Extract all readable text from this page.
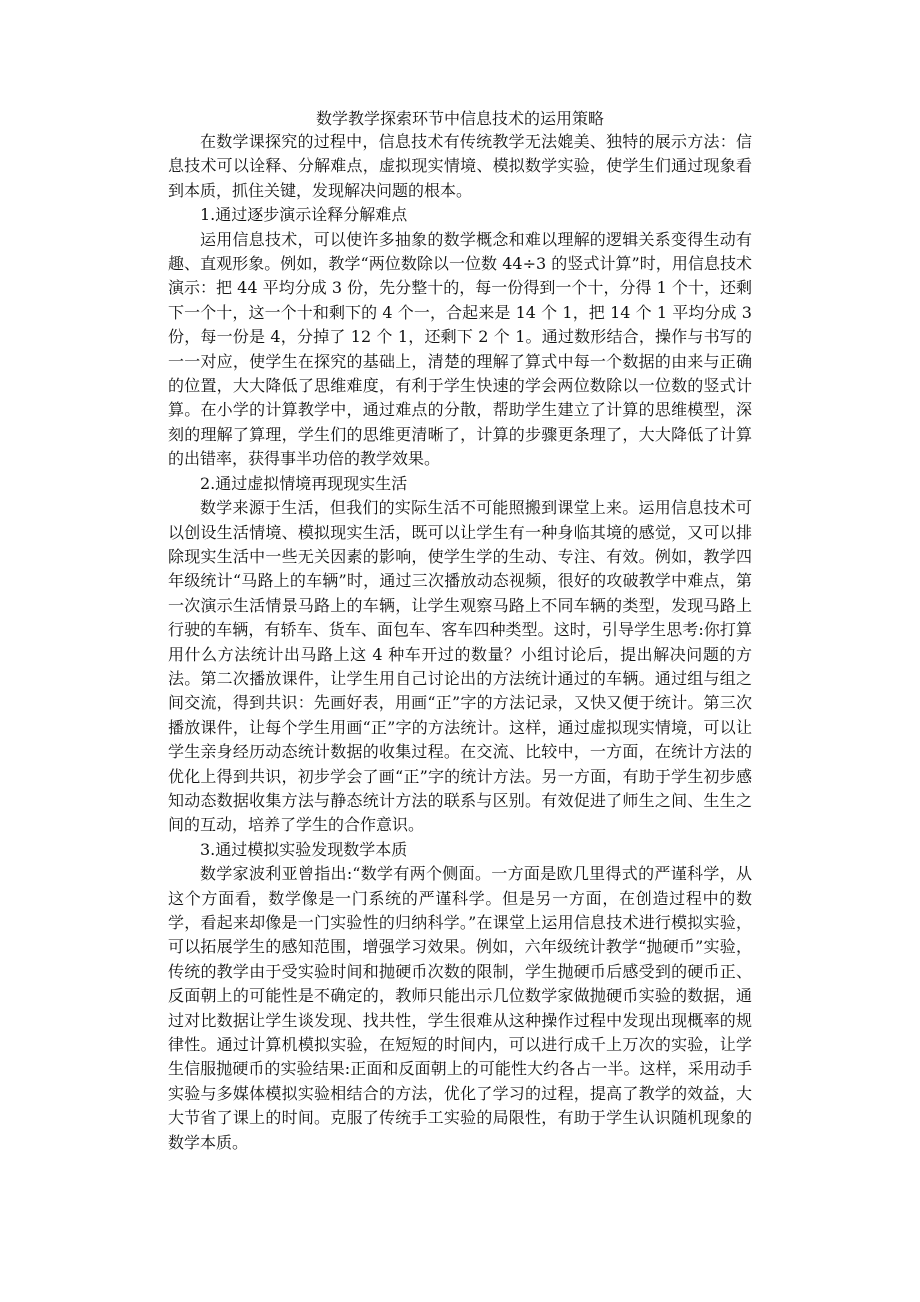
数学教学探索环节中信息技术的运用策略

在数学课探究的过程中，信息技术有传统教学无法媲美、独特的展示方法：信息技术可以诠释、分解难点，虚拟现实情境、模拟数学实验，使学生们通过现象看到本质，抓住关键，发现解决问题的根本。

1.通过逐步演示诠释分解难点

运用信息技术，可以使许多抽象的数学概念和难以理解的逻辑关系变得生动有趣、直观形象。例如，教学“两位数除以一位数 44÷3 的竖式计算”时，用信息技术演示：把 44 平均分成 3 份，先分整十的，每一份得到一个十，分得 1 个十，还剩下一个十，这一个十和剩下的 4 个一，合起来是 14 个 1，把 14 个 1 平均分成 3 份，每一份是 4，分掉了 12 个 1，还剩下 2 个 1。通过数形结合，操作与书写的一一对应，使学生在探究的基础上，清楚的理解了算式中每一个数据的由来与正确的位置，大大降低了思维难度，有利于学生快速的学会两位数除以一位数的竖式计算。在小学的计算教学中，通过难点的分散，帮助学生建立了计算的思维模型，深刻的理解了算理，学生们的思维更清晰了，计算的步骤更条理了，大大降低了计算的出错率，获得事半功倍的教学效果。

2.通过虚拟情境再现现实生活

数学来源于生活，但我们的实际生活不可能照搬到课堂上来。运用信息技术可以创设生活情境、模拟现实生活，既可以让学生有一种身临其境的感觉，又可以排除现实生活中一些无关因素的影响，使学生学的生动、专注、有效。例如，教学四年级统计“马路上的车辆”时，通过三次播放动态视频，很好的攻破教学中难点，第一次演示生活情景马路上的车辆，让学生观察马路上不同车辆的类型，发现马路上行驶的车辆，有轿车、货车、面包车、客车四种类型。这时，引导学生思考:你打算用什么方法统计出马路上这 4 种车开过的数量？小组讨论后，提出解决问题的方法。第二次播放课件，让学生用自己讨论出的方法统计通过的车辆。通过组与组之间交流，得到共识：先画好表，用画“正”字的方法记录，又快又便于统计。第三次播放课件，让每个学生用画“正”字的方法统计。这样，通过虚拟现实情境，可以让学生亲身经历动态统计数据的收集过程。在交流、比较中，一方面，在统计方法的优化上得到共识，初步学会了画“正”字的统计方法。另一方面，有助于学生初步感知动态数据收集方法与静态统计方法的联系与区别。有效促进了师生之间、生生之间的互动，培养了学生的合作意识。

3.通过模拟实验发现数学本质

数学家波利亚曾指出:“数学有两个侧面。一方面是欧几里得式的严谨科学，从这个方面看，数学像是一门系统的严谨科学。但是另一方面，在创造过程中的数学，看起来却像是一门实验性的归纳科学。”在课堂上运用信息技术进行模拟实验，可以拓展学生的感知范围，增强学习效果。例如，六年级统计教学“抛硬币”实验，传统的教学由于受实验时间和抛硬币次数的限制，学生抛硬币后感受到的硬币正、反面朝上的可能性是不确定的，教师只能出示几位数学家做抛硬币实验的数据，通过对比数据让学生谈发现、找共性，学生很难从这种操作过程中发现出现概率的规律性。通过计算机模拟实验，在短短的时间内，可以进行成千上万次的实验，让学生信服抛硬币的实验结果:正面和反面朝上的可能性大约各占一半。这样，采用动手实验与多媒体模拟实验相结合的方法，优化了学习的过程，提高了教学的效益，大大节省了课上的时间。克服了传统手工实验的局限性，有助于学生认识随机现象的数学本质。
